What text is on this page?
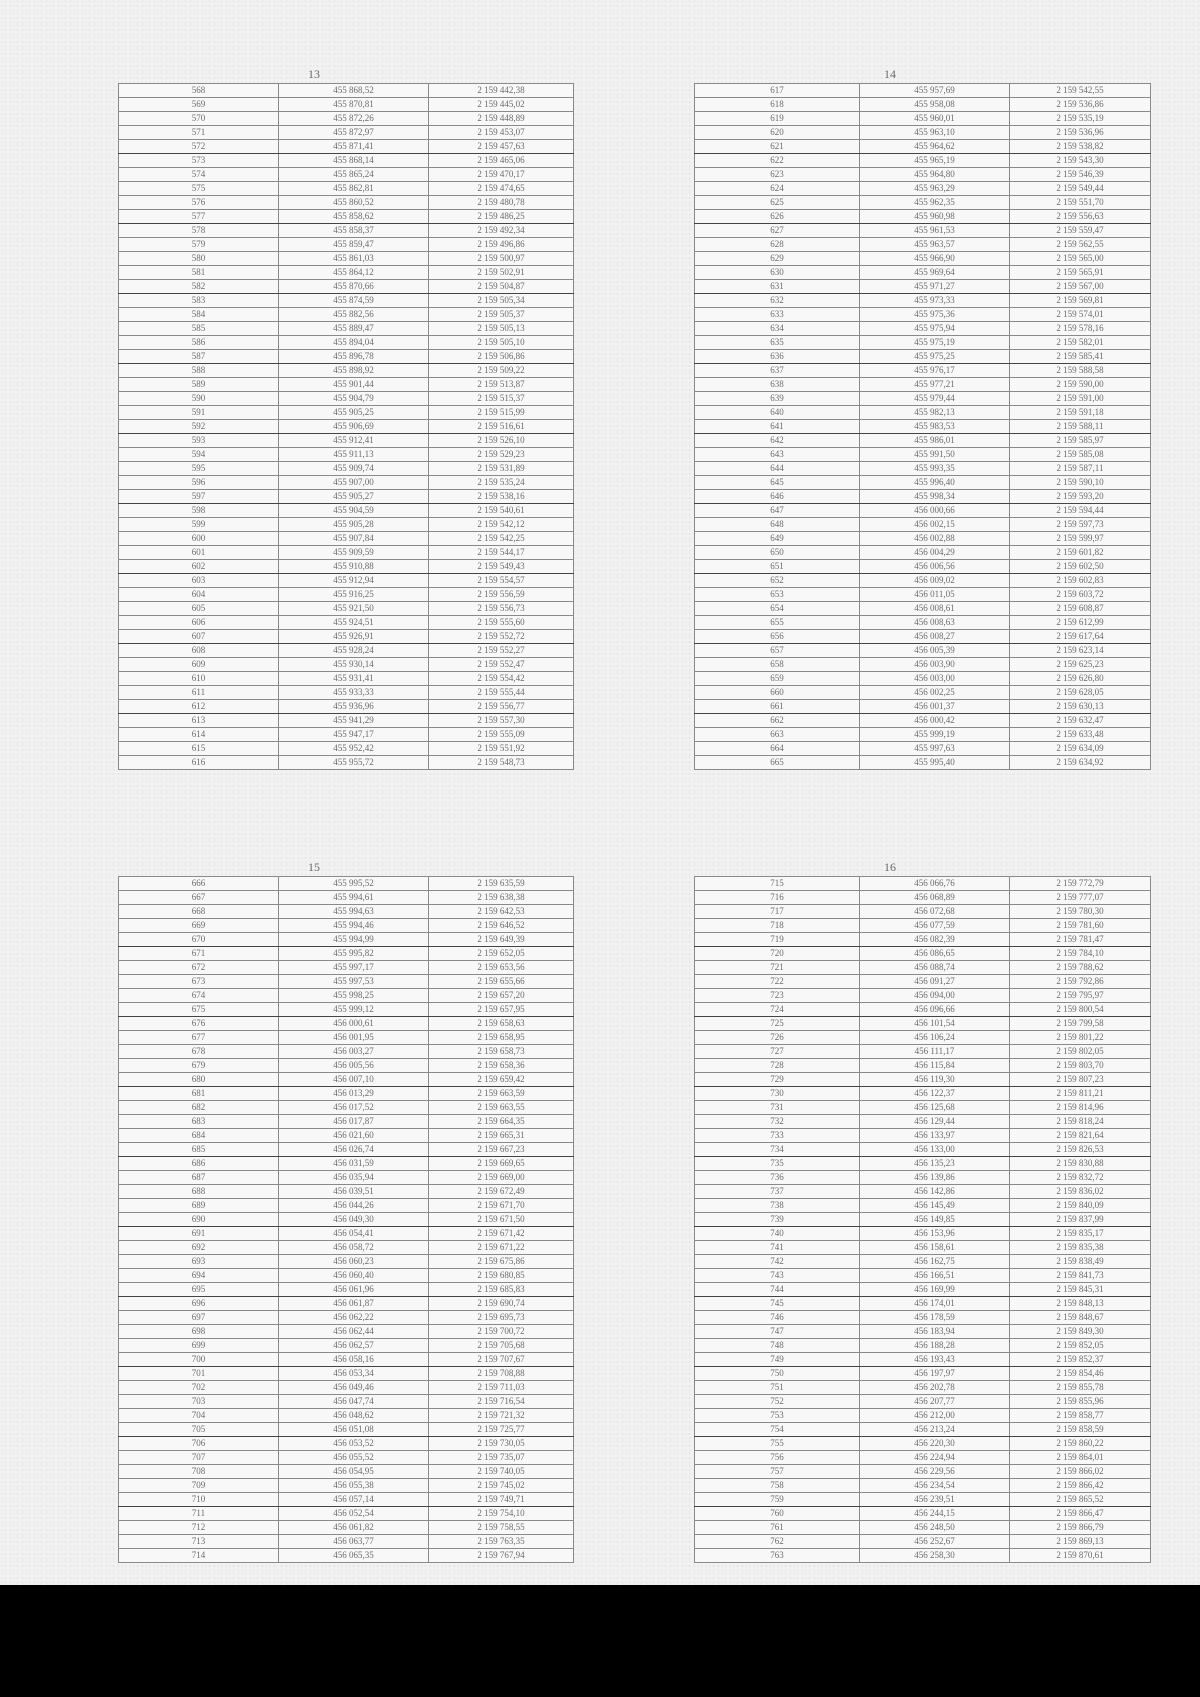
13
568	455 868,52	2 159 442,38
569	455 870,81	2 159 445,02
570	455 872,26	2 159 448,89
571	455 872,97	2 159 453,07
572	455 871,41	2 159 457,63
573	455 868,14	2 159 465,06
574	455 865,24	2 159 470,17
575	455 862,81	2 159 474,65
576	455 860,52	2 159 480,78
577	455 858,62	2 159 486,25
578	455 858,37	2 159 492,34
579	455 859,47	2 159 496,86
580	455 861,03	2 159 500,97
581	455 864,12	2 159 502,91
582	455 870,66	2 159 504,87
583	455 874,59	2 159 505,34
584	455 882,56	2 159 505,37
585	455 889,47	2 159 505,13
586	455 894,04	2 159 505,10
587	455 896,78	2 159 506,86
588	455 898,92	2 159 509,22
589	455 901,44	2 159 513,87
590	455 904,79	2 159 515,37
591	455 905,25	2 159 515,99
592	455 906,69	2 159 516,61
593	455 912,41	2 159 526,10
594	455 911,13	2 159 529,23
595	455 909,74	2 159 531,89
596	455 907,00	2 159 535,24
597	455 905,27	2 159 538,16
598	455 904,59	2 159 540,61
599	455 905,28	2 159 542,12
600	455 907,84	2 159 542,25
601	455 909,59	2 159 544,17
602	455 910,88	2 159 549,43
603	455 912,94	2 159 554,57
604	455 916,25	2 159 556,59
605	455 921,50	2 159 556,73
606	455 924,51	2 159 555,60
607	455 926,91	2 159 552,72
608	455 928,24	2 159 552,27
609	455 930,14	2 159 552,47
610	455 931,41	2 159 554,42
611	455 933,33	2 159 555,44
612	455 936,96	2 159 556,77
613	455 941,29	2 159 557,30
614	455 947,17	2 159 555,09
615	455 952,42	2 159 551,92
616	455 955,72	2 159 548,73
14
617	455 957,69	2 159 542,55
618	455 958,08	2 159 536,86
619	455 960,01	2 159 535,19
620	455 963,10	2 159 536,96
621	455 964,62	2 159 538,82
622	455 965,19	2 159 543,30
623	455 964,80	2 159 546,39
624	455 963,29	2 159 549,44
625	455 962,35	2 159 551,70
626	455 960,98	2 159 556,63
627	455 961,53	2 159 559,47
628	455 963,57	2 159 562,55
629	455 966,90	2 159 565,00
630	455 969,64	2 159 565,91
631	455 971,27	2 159 567,00
632	455 973,33	2 159 569,81
633	455 975,36	2 159 574,01
634	455 975,94	2 159 578,16
635	455 975,19	2 159 582,01
636	455 975,25	2 159 585,41
637	455 976,17	2 159 588,58
638	455 977,21	2 159 590,00
639	455 979,44	2 159 591,00
640	455 982,13	2 159 591,18
641	455 983,53	2 159 588,11
642	455 986,01	2 159 585,97
643	455 991,50	2 159 585,08
644	455 993,35	2 159 587,11
645	455 996,40	2 159 590,10
646	455 998,34	2 159 593,20
647	456 000,66	2 159 594,44
648	456 002,15	2 159 597,73
649	456 002,88	2 159 599,97
650	456 004,29	2 159 601,82
651	456 006,56	2 159 602,50
652	456 009,02	2 159 602,83
653	456 011,05	2 159 603,72
654	456 008,61	2 159 608,87
655	456 008,63	2 159 612,99
656	456 008,27	2 159 617,64
657	456 005,39	2 159 623,14
658	456 003,90	2 159 625,23
659	456 003,00	2 159 626,80
660	456 002,25	2 159 628,05
661	456 001,37	2 159 630,13
662	456 000,42	2 159 632,47
663	455 999,19	2 159 633,48
664	455 997,63	2 159 634,09
665	455 995,40	2 159 634,92
15
666	455 995,52	2 159 635,59
667	455 994,61	2 159 638,38
668	455 994,63	2 159 642,53
669	455 994,46	2 159 646,52
670	455 994,99	2 159 649,39
671	455 995,82	2 159 652,05
672	455 997,17	2 159 653,56
673	455 997,53	2 159 655,66
674	455 998,25	2 159 657,20
675	455 999,12	2 159 657,95
676	456 000,61	2 159 658,63
677	456 001,95	2 159 658,95
678	456 003,27	2 159 658,73
679	456 005,56	2 159 658,36
680	456 007,10	2 159 659,42
681	456 013,29	2 159 663,59
682	456 017,52	2 159 663,55
683	456 017,87	2 159 664,35
684	456 021,60	2 159 665,31
685	456 026,74	2 159 667,23
686	456 031,59	2 159 669,65
687	456 035,94	2 159 669,00
688	456 039,51	2 159 672,49
689	456 044,26	2 159 671,70
690	456 049,30	2 159 671,50
691	456 054,41	2 159 671,42
692	456 058,72	2 159 671,22
693	456 060,23	2 159 675,86
694	456 060,40	2 159 680,85
695	456 061,96	2 159 685,83
696	456 061,87	2 159 690,74
697	456 062,22	2 159 695,73
698	456 062,44	2 159 700,72
699	456 062,57	2 159 705,68
700	456 058,16	2 159 707,67
701	456 053,34	2 159 708,88
702	456 049,46	2 159 711,03
703	456 047,74	2 159 716,54
704	456 048,62	2 159 721,32
705	456 051,08	2 159 725,77
706	456 053,52	2 159 730,05
707	456 055,52	2 159 735,07
708	456 054,95	2 159 740,05
709	456 055,38	2 159 745,02
710	456 057,14	2 159 749,71
711	456 052,54	2 159 754,10
712	456 061,82	2 159 758,55
713	456 063,77	2 159 763,35
714	456 065,35	2 159 767,94
16
715	456 066,76	2 159 772,79
716	456 068,89	2 159 777,07
717	456 072,68	2 159 780,30
718	456 077,59	2 159 781,60
719	456 082,39	2 159 781,47
720	456 086,65	2 159 784,10
721	456 088,74	2 159 788,62
722	456 091,27	2 159 792,86
723	456 094,00	2 159 795,97
724	456 096,66	2 159 800,54
725	456 101,54	2 159 799,58
726	456 106,24	2 159 801,22
727	456 111,17	2 159 802,05
728	456 115,84	2 159 803,70
729	456 119,30	2 159 807,23
730	456 122,37	2 159 811,21
731	456 125,68	2 159 814,96
732	456 129,44	2 159 818,24
733	456 133,97	2 159 821,64
734	456 133,00	2 159 826,53
735	456 135,23	2 159 830,88
736	456 139,86	2 159 832,72
737	456 142,86	2 159 836,02
738	456 145,49	2 159 840,09
739	456 149,85	2 159 837,99
740	456 153,96	2 159 835,17
741	456 158,61	2 159 835,38
742	456 162,75	2 159 838,49
743	456 166,51	2 159 841,73
744	456 169,99	2 159 845,31
745	456 174,01	2 159 848,13
746	456 178,59	2 159 848,67
747	456 183,94	2 159 849,30
748	456 188,28	2 159 852,05
749	456 193,43	2 159 852,37
750	456 197,97	2 159 854,46
751	456 202,78	2 159 855,78
752	456 207,77	2 159 855,96
753	456 212,00	2 159 858,77
754	456 213,24	2 159 858,59
755	456 220,30	2 159 860,22
756	456 224,94	2 159 864,01
757	456 229,56	2 159 866,02
758	456 234,54	2 159 866,42
759	456 239,51	2 159 865,52
760	456 244,15	2 159 866,47
761	456 248,50	2 159 866,79
762	456 252,67	2 159 869,13
763	456 258,30	2 159 870,61
